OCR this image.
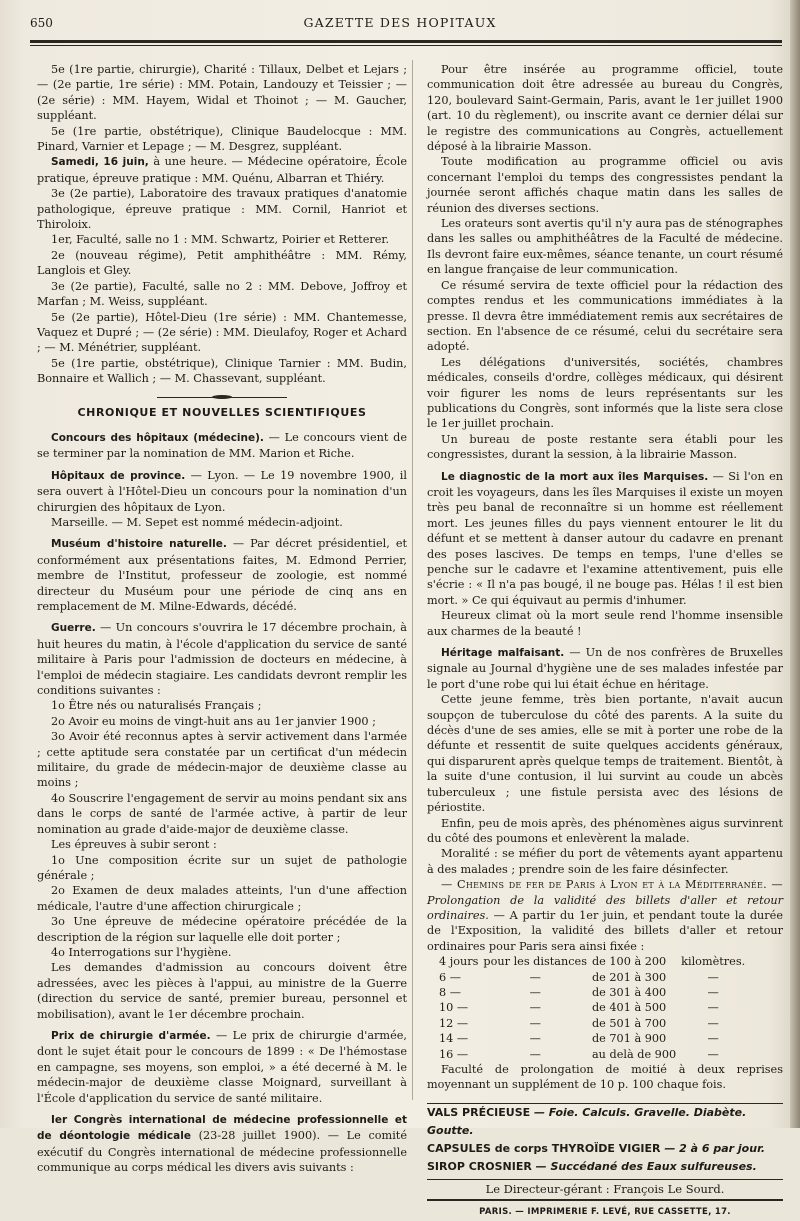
650	GAZETTE DES HOPITAUX

5e (1re partie, chirurgie), Charité : Tillaux, Delbet et Lejars ; — (2e partie, 1re série) : MM. Potain, Landouzy et Teissier ; — (2e série) : MM. Hayem, Widal et Thoinot ; — M. Gaucher, suppléant.

5e (1re partie, obstétrique), Clinique Baudelocque : MM. Pinard, Varnier et Lepage ; — M. Desgrez, suppléant.

Samedi, 16 juin, à une heure. — Médecine opératoire, École pratique, épreuve pratique : MM. Quénu, Albarran et Thiéry.

3e (2e partie), Laboratoire des travaux pratiques d'anatomie pathologique, épreuve pratique : MM. Cornil, Hanriot et Thiroloix.

1er, Faculté, salle no 1 : MM. Schwartz, Poirier et Retterer.

2e (nouveau régime), Petit amphithéâtre : MM. Rémy, Langlois et Gley.

3e (2e partie), Faculté, salle no 2 : MM. Debove, Joffroy et Marfan ; M. Weiss, suppléant.

5e (2e partie), Hôtel-Dieu (1re série) : MM. Chantemesse, Vaquez et Dupré ; — (2e série) : MM. Dieulafoy, Roger et Achard ; — M. Ménétrier, suppléant.

5e (1re partie, obstétrique), Clinique Tarnier : MM. Budin, Bonnaire et Wallich ; — M. Chassevant, suppléant.

CHRONIQUE ET NOUVELLES SCIENTIFIQUES

Concours des hôpitaux (médecine). — Le concours vient de se terminer par la nomination de MM. Marion et Riche.

Hôpitaux de province. — Lyon. — Le 19 novembre 1900, il sera ouvert à l'Hôtel-Dieu un concours pour la nomination d'un chirurgien des hôpitaux de Lyon.

Marseille. — M. Sepet est nommé médecin-adjoint.

Muséum d'histoire naturelle. — Par décret présidentiel, et conformément aux présentations faites, M. Edmond Perrier, membre de l'Institut, professeur de zoologie, est nommé directeur du Muséum pour une période de cinq ans en remplacement de M. Milne-Edwards, décédé.

Guerre. — Un concours s'ouvrira le 17 décembre prochain, à huit heures du matin, à l'école d'application du service de santé militaire à Paris pour l'admission de docteurs en médecine, à l'emploi de médecin stagiaire. Les candidats devront remplir les conditions suivantes :

1o Être nés ou naturalisés Français ;

2o Avoir eu moins de vingt-huit ans au 1er janvier 1900 ;

3o Avoir été reconnus aptes à servir activement dans l'armée ; cette aptitude sera constatée par un certificat d'un médecin militaire, du grade de médecin-major de deuxième classe au moins ;

4o Souscrire l'engagement de servir au moins pendant six ans dans le corps de santé de l'armée active, à partir de leur nomination au grade d'aide-major de deuxième classe.

Les épreuves à subir seront :

1o Une composition écrite sur un sujet de pathologie générale ;

2o Examen de deux malades atteints, l'un d'une affection médicale, l'autre d'une affection chirurgicale ;

3o Une épreuve de médecine opératoire précédée de la description de la région sur laquelle elle doit porter ;

4o Interrogations sur l'hygiène.

Les demandes d'admission au concours doivent être adressées, avec les pièces à l'appui, au ministre de la Guerre (direction du service de santé, premier bureau, personnel et mobilisation), avant le 1er décembre prochain.

Prix de chirurgie d'armée. — Le prix de chirurgie d'armée, dont le sujet était pour le concours de 1899 : « De l'hémostase en campagne, ses moyens, son emploi, » a été decerné à M. le médecin-major de deuxième classe Moignard, surveillant à l'École d'application du service de santé militaire.

Ier Congrès international de médecine professionnelle et de déontologie médicale (23-28 juillet 1900). — Le comité exécutif du Congrès international de médecine professionnelle communique au corps médical les divers avis suivants :

Pour être insérée au programme officiel, toute communication doit être adressée au bureau du Congrès, 120, boulevard Saint-Germain, Paris, avant le 1er juillet 1900 (art. 10 du règlement), ou inscrite avant ce dernier délai sur le registre des communications au Congrès, actuellement déposé à la librairie Masson.

Toute modification au programme officiel ou avis concernant l'emploi du temps des congressistes pendant la journée seront affichés chaque matin dans les salles de réunion des diverses sections.

Les orateurs sont avertis qu'il n'y aura pas de sténographes dans les salles ou amphithéâtres de la Faculté de médecine. Ils devront faire eux-mêmes, séance tenante, un court résumé en langue française de leur communication.

Ce résumé servira de texte officiel pour la rédaction des comptes rendus et les communications immédiates à la presse. Il devra être immédiatement remis aux secrétaires de section. En l'absence de ce résumé, celui du secrétaire sera adopté.

Les délégations d'universités, sociétés, chambres médicales, conseils d'ordre, collèges médicaux, qui désirent voir figurer les noms de leurs représentants sur les publications du Congrès, sont informés que la liste sera close le 1er juillet prochain.

Un bureau de poste restante sera établi pour les congressistes, durant la session, à la librairie Masson.

Le diagnostic de la mort aux îles Marquises. — Si l'on en croit les voyageurs, dans les îles Marquises il existe un moyen très peu banal de reconnaître si un homme est réellement mort. Les jeunes filles du pays viennent entourer le lit du défunt et se mettent à danser autour du cadavre en prenant des poses lascives. De temps en temps, l'une d'elles se penche sur le cadavre et l'examine attentivement, puis elle s'écrie : « Il n'a pas bougé, il ne bouge pas. Hélas ! il est bien mort. » Ce qui équivaut au permis d'inhumer.

Heureux climat où la mort seule rend l'homme insensible aux charmes de la beauté !

Héritage malfaisant. — Un de nos confrères de Bruxelles signale au Journal d'hygiène une de ses malades infestée par le port d'une robe qui lui était échue en héritage.

Cette jeune femme, très bien portante, n'avait aucun soupçon de tuberculose du côté des parents. A la suite du décès d'une de ses amies, elle se mit à porter une robe de la défunte et ressentit de suite quelques accidents généraux, qui disparurent après quelque temps de traitement. Bientôt, à la suite d'une contusion, il lui survint au coude un abcès tuberculeux ; une fistule persista avec des lésions de périostite.

Enfin, peu de mois après, des phénomènes aigus survinrent du côté des poumons et enlevèrent la malade.

Moralité : se méfier du port de vêtements ayant appartenu à des malades ; prendre soin de les faire désinfecter.

— Chemins de fer de Paris à Lyon et à la Méditerranée. — Prolongation de la validité des billets d'aller et retour ordinaires. — A partir du 1er juin, et pendant toute la durée de l'Exposition, la validité des billets d'aller et retour ordinaires pour Paris sera ainsi fixée :

4 jours	pour les distances	de 100 à 200	kilomètres.
6 —	—	de 201 à 300	—
8 —	—	de 301 à 400	—
10 —	—	de 401 à 500	—
12 —	—	de 501 à 700	—
14 —	—	de 701 à 900	—
16 —	—	au delà de 900	—

Faculté de prolongation de moitié à deux reprises moyennant un supplément de 10 p. 100 chaque fois.

VALS PRÉCIEUSE — Foie. Calculs. Gravelle. Diabète. Goutte.
CAPSULES de corps THYROÏDE VIGIER — 2 à 6 par jour.
SIROP CROSNIER — Succédané des Eaux sulfureuses.
Le Directeur-gérant : François Le Sourd.
PARIS. — IMPRIMERIE F. LEVÉ, RUE CASSETTE, 17.
